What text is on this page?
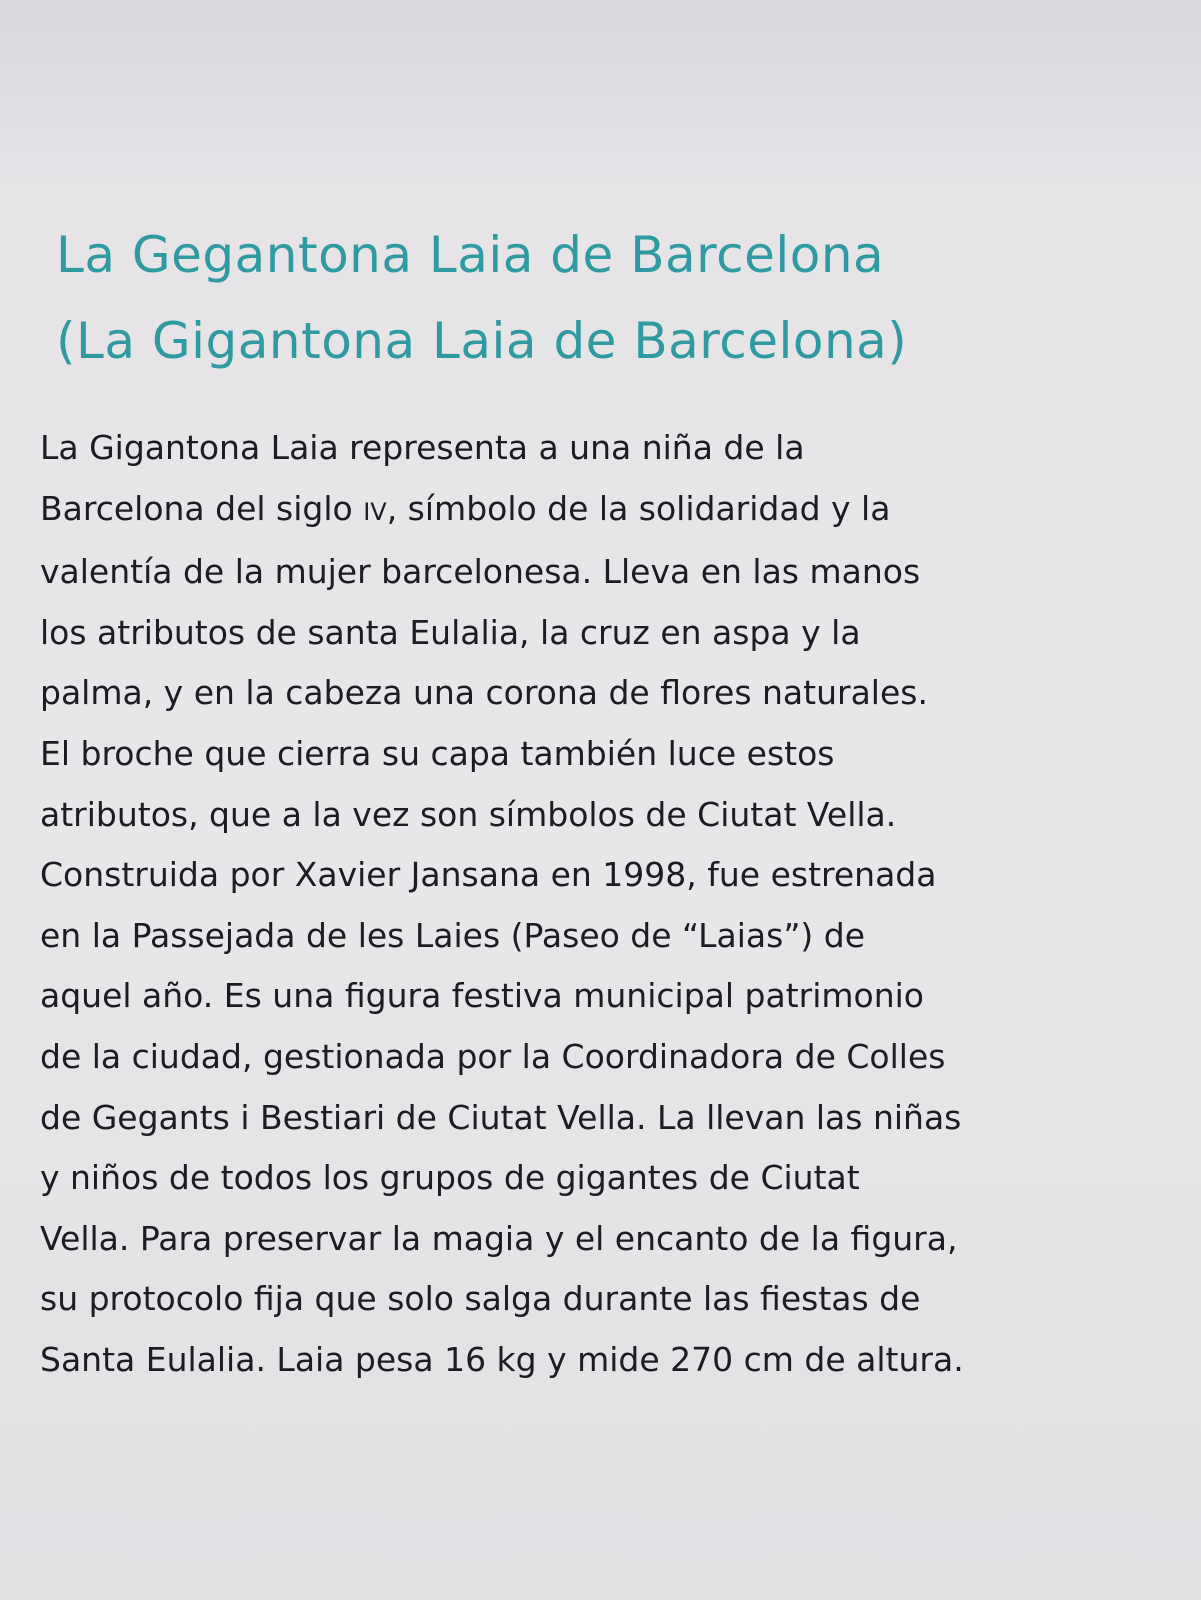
La Gegantona Laia de Barcelona
(La Gigantona Laia de Barcelona)

La Gigantona Laia representa a una niña de la
Barcelona del siglo IV, símbolo de la solidaridad y la
valentía de la mujer barcelonesa. Lleva en las manos
los atributos de santa Eulalia, la cruz en aspa y la
palma, y en la cabeza una corona de flores naturales.
El broche que cierra su capa también luce estos
atributos, que a la vez son símbolos de Ciutat Vella.
Construida por Xavier Jansana en 1998, fue estrenada
en la Passejada de les Laies (Paseo de “Laias”) de
aquel año. Es una figura festiva municipal patrimonio
de la ciudad, gestionada por la Coordinadora de Colles
de Gegants i Bestiari de Ciutat Vella. La llevan las niñas
y niños de todos los grupos de gigantes de Ciutat
Vella. Para preservar la magia y el encanto de la figura,
su protocolo fija que solo salga durante las fiestas de
Santa Eulalia. Laia pesa 16 kg y mide 270 cm de altura.
